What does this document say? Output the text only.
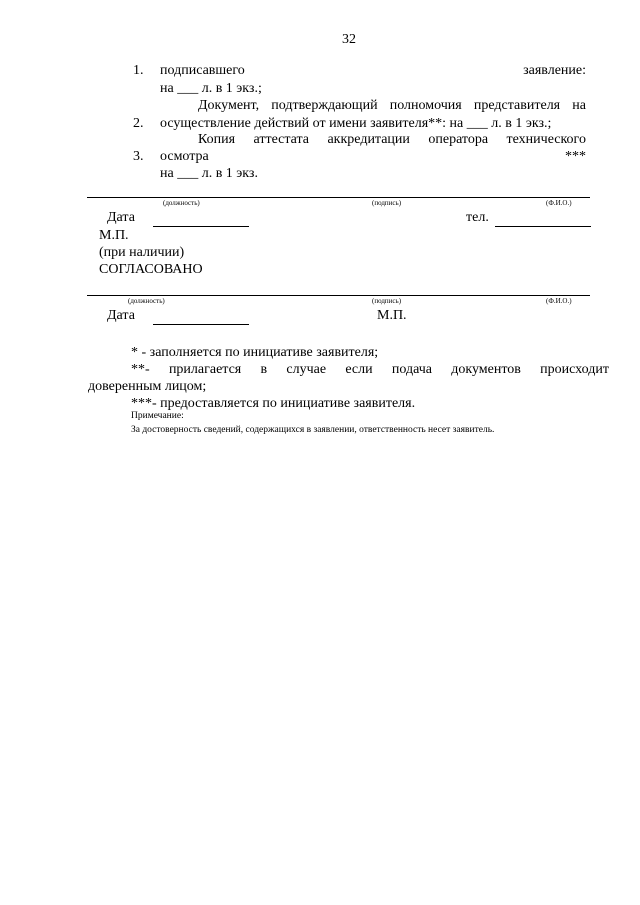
32
1. подписавшего	заявление:
на ___ л. в 1 экз.;
Документ, подтверждающий полномочия представителя на
2. осуществление действий от имени заявителя**: на ___ л. в 1 экз.;
Копия аттестата аккредитации оператора технического
3. осмотра	***
на ___ л. в 1 экз.
(должность)	(подпись)	(Ф.И.О.)
Дата	тел.
М.П.
(при наличии)
СОГЛАСОВАНО
(должность)	(подпись)	(Ф.И.О.)
Дата	М.П.
* - заполняется по инициативе заявителя;
**- прилагается в случае если подача документов происходит
доверенным лицом;
***- предоставляется по инициативе заявителя.
Примечание:
За достоверность сведений, содержащихся в заявлении, ответственность несет заявитель.
